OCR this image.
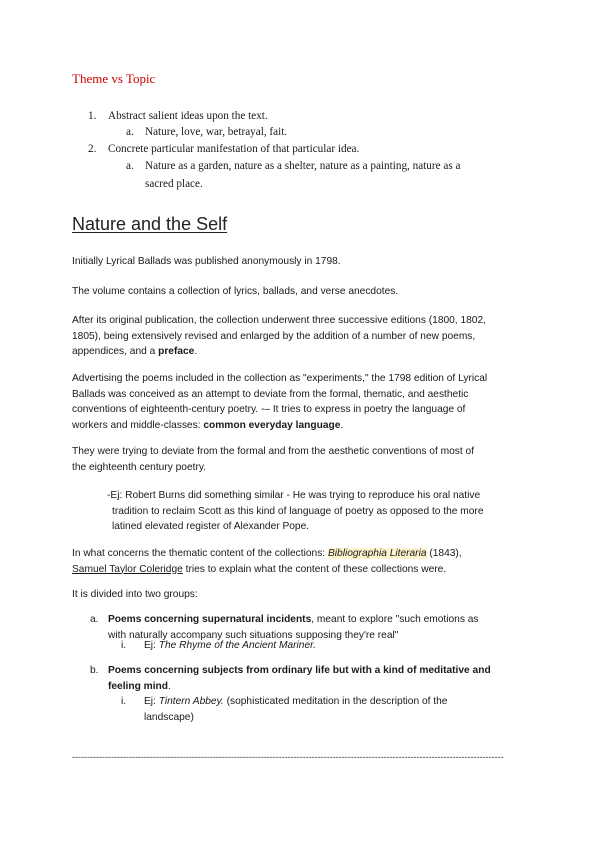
Theme vs Topic
1. Abstract salient ideas upon the text.
a. Nature, love, war, betrayal, fait.
2. Concrete particular manifestation of that particular idea.
a. Nature as a garden, nature as a shelter, nature as a painting, nature as a
sacred place.
Nature and the Self
Initially Lyrical Ballads was published anonymously in 1798.
The volume contains a collection of lyrics, ballads, and verse anecdotes.
After its original publication, the collection underwent three successive editions (1800, 1802,
1805), being extensively revised and enlarged by the addition of a number of new poems,
appendices, and a preface.
Advertising the poems included in the collection as "experiments," the 1798 edition of Lyrical
Ballads was conceived as an attempt to deviate from the formal, thematic, and aesthetic
conventions of eighteenth-century poetry. -– It tries to express in poetry the language of
workers and middle-classes: common everyday language.
They were trying to deviate from the formal and from the aesthetic conventions of most of
the eighteenth century poetry.
-Ej: Robert Burns did something similar - He was trying to reproduce his oral native
tradition to reclaim Scott as this kind of language of poetry as opposed to the more
latined elevated register of Alexander Pope.
In what concerns the thematic content of the collections: Bibliographia Literaria (1843),
Samuel Taylor Coleridge tries to explain what the content of these collections were.
It is divided into two groups:
a. Poems concerning supernatural incidents, meant to explore "such emotions as
with naturally accompany such situations supposing they're real"
i. Ej: The Rhyme of the Ancient Mariner.
b. Poems concerning subjects from ordinary life but with a kind of meditative and
feeling mind.
i. Ej: Tintern Abbey. (sophisticated meditation in the description of the
landscape)
------------------------------------------------------------------------------------------------------------------------------------------------
